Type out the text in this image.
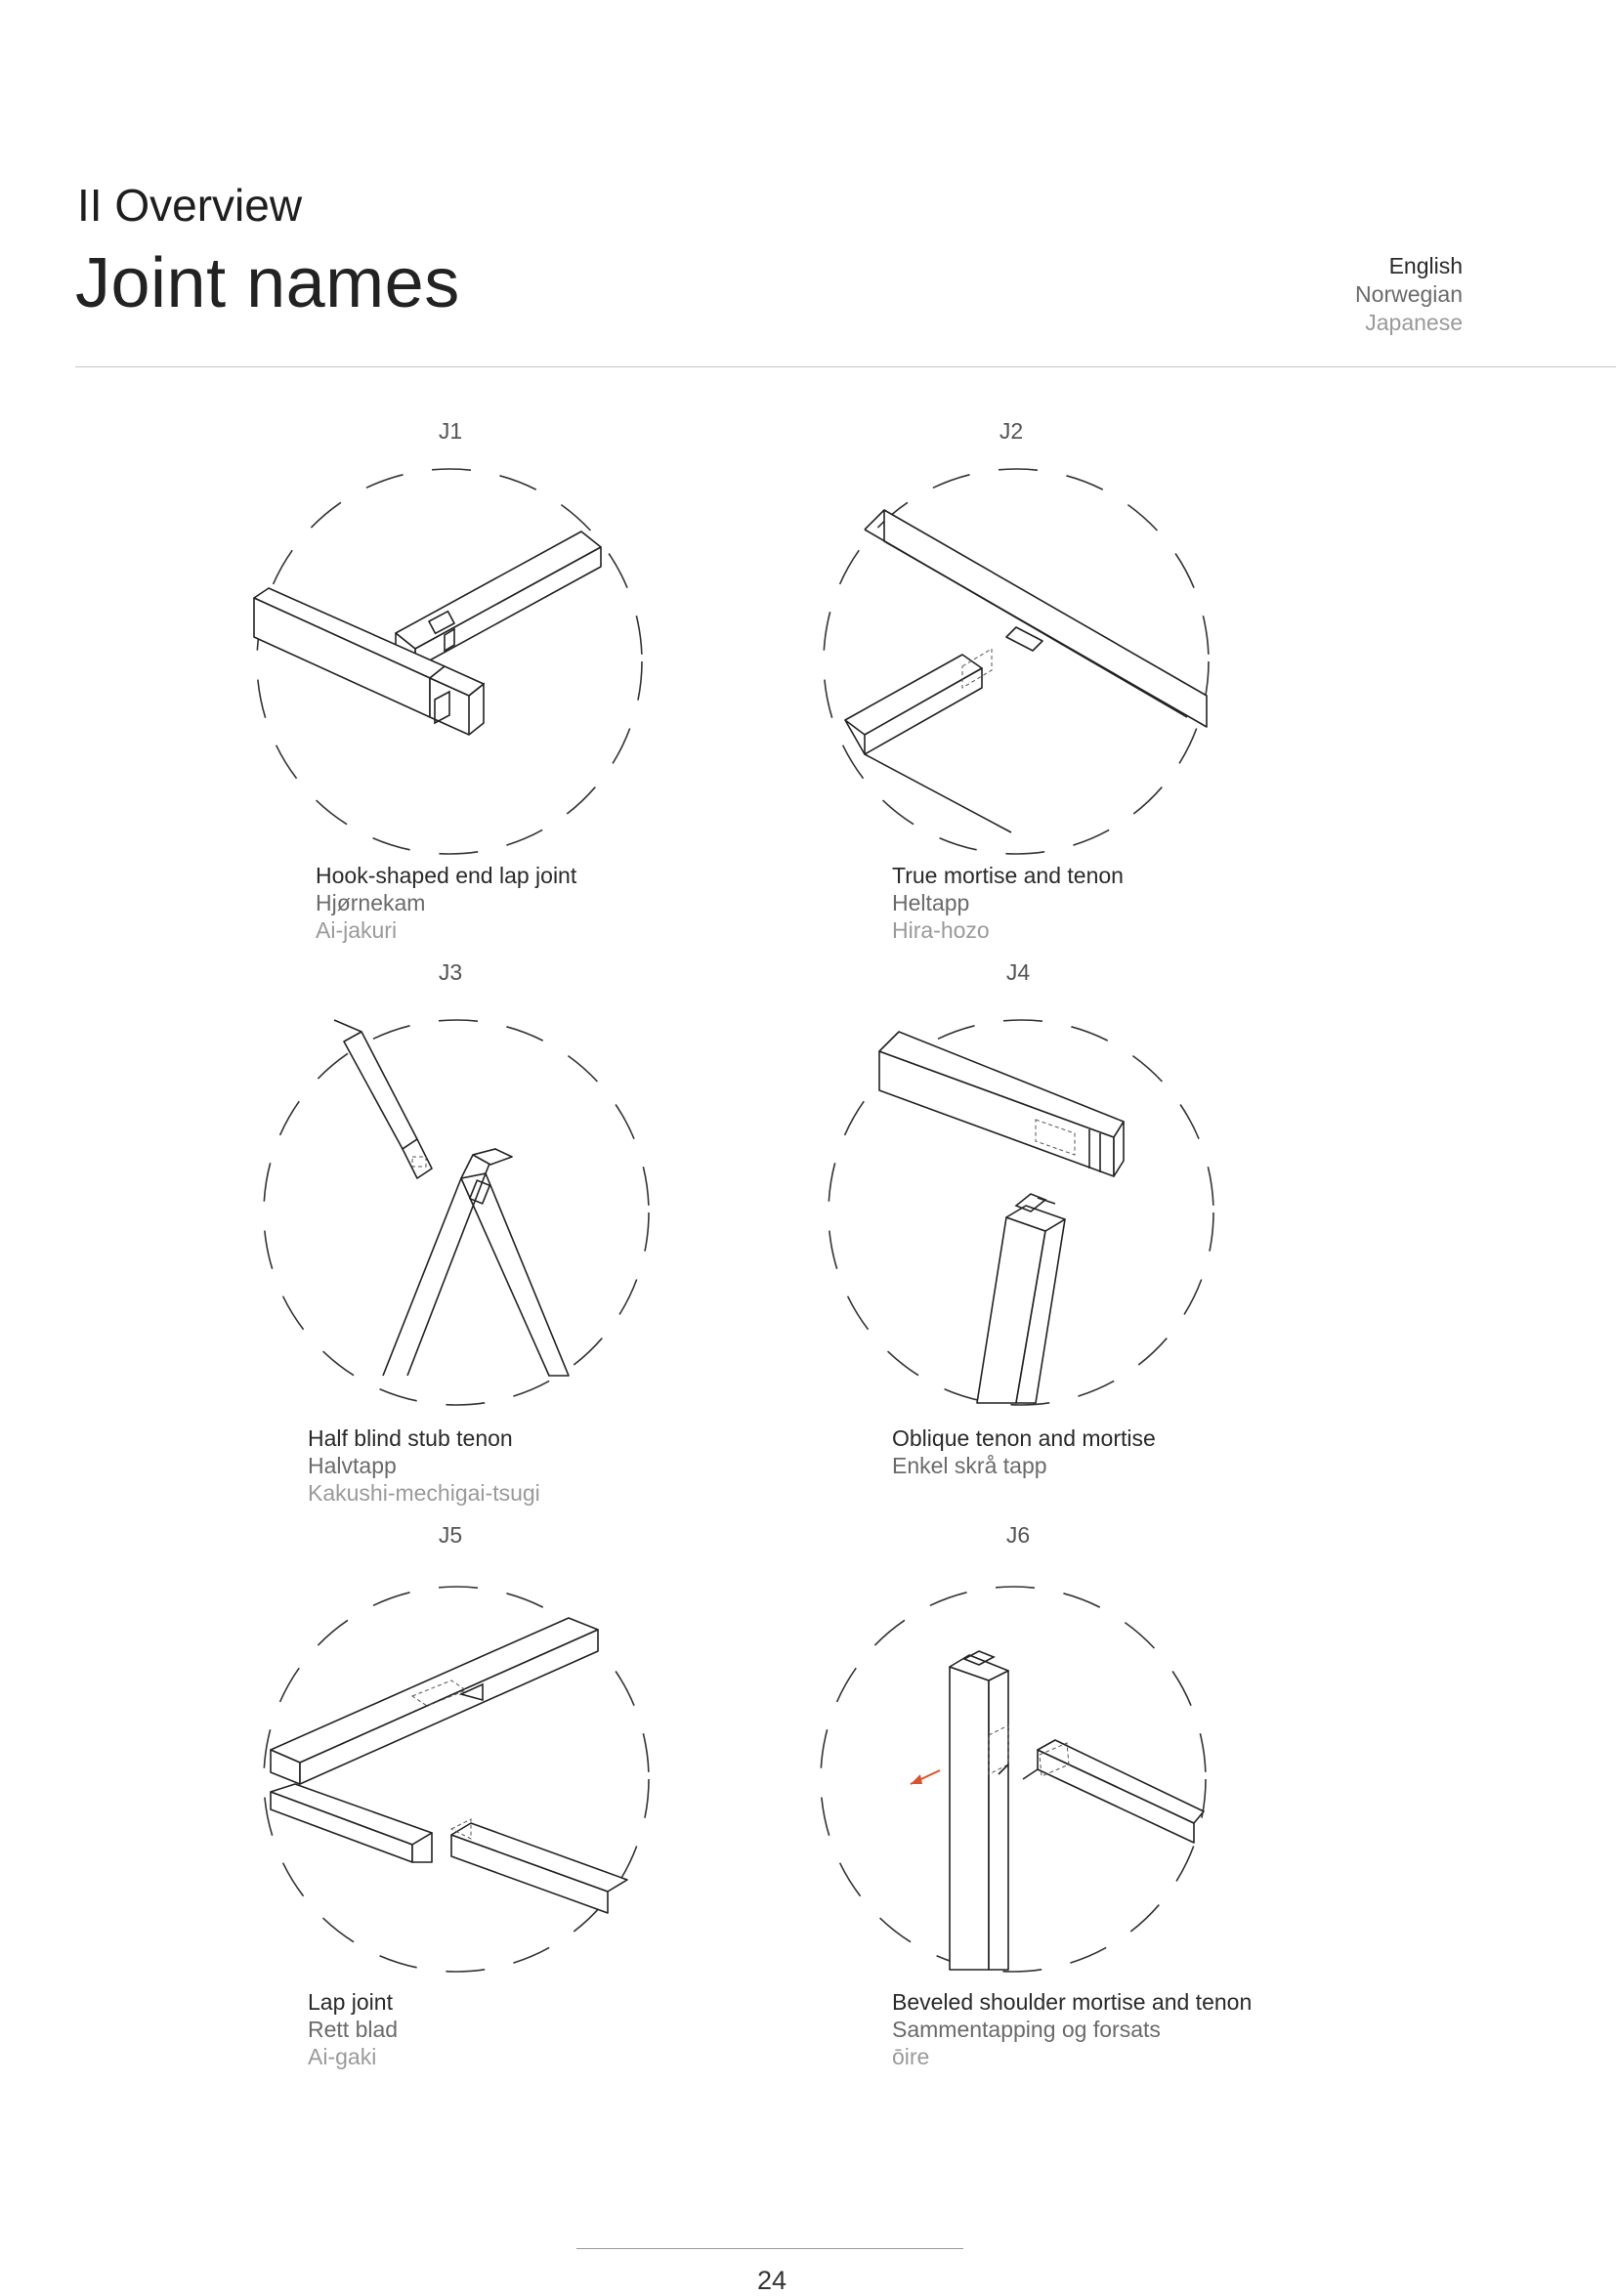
II Overview
Joint names	English
Norwegian
Japanese
J1
Hook-shaped end lap joint
Hjørnekam
Ai-jakuri
J2
True mortise and tenon
Heltapp
Hira-hozo
J3
Half blind stub tenon
Halvtapp
Kakushi-mechigai-tsugi
J4
Oblique tenon and mortise
Enkel skrå tapp
J5
Lap joint
Rett blad
Ai-gaki
J6
Beveled shoulder mortise and tenon
Sammentapping og forsats
ōire
24
